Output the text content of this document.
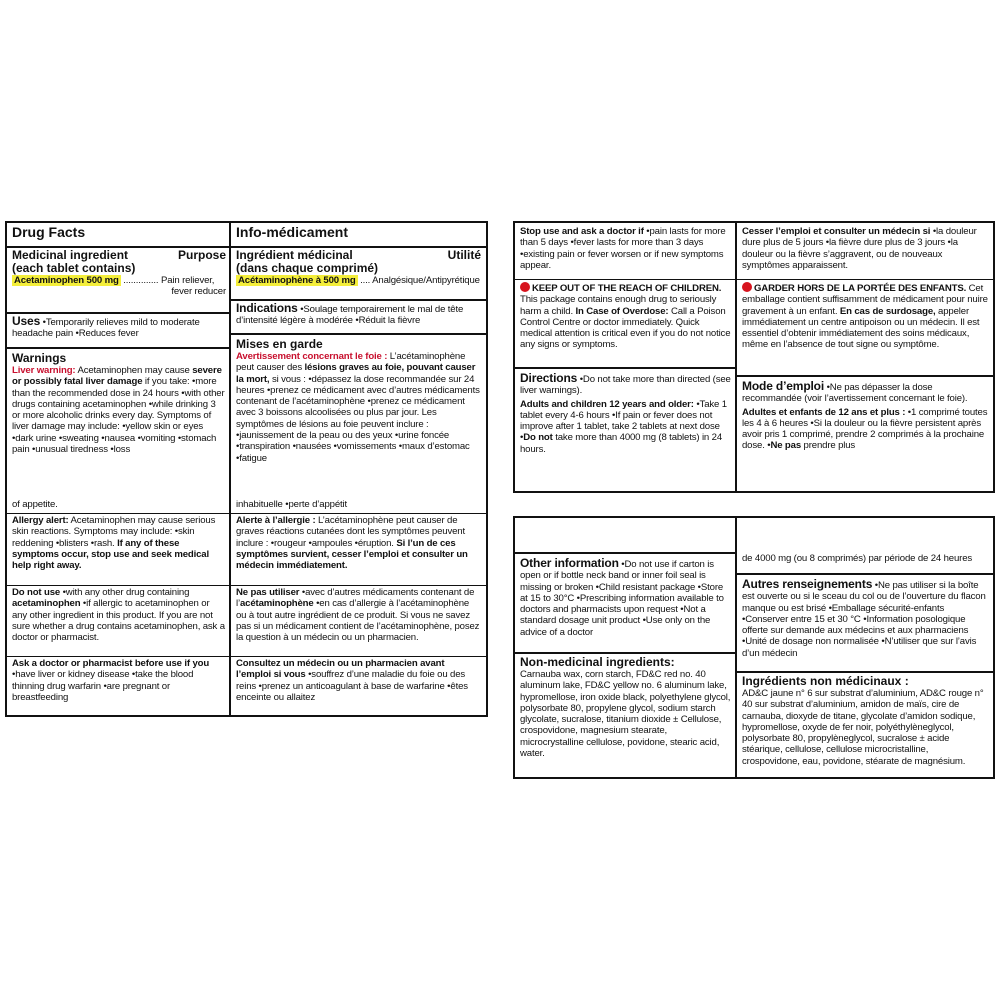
Drug Facts
Medicinal ingredient	Purpose
(each tablet contains)
Acetaminophen 500 mg .............. Pain reliever,
fever reducer

Uses •Temporarily relieves mild to moderate headache pain •Reduces fever

Warnings

Liver warning: Acetaminophen may cause severe or possibly fatal liver damage if you take: •more than the recommended dose in 24 hours •with other drugs containing acetaminophen •while drinking 3 or more alcoholic drinks every day. Symptoms of liver damage may include: •yellow skin or eyes •dark urine •sweating •nausea •vomiting •stomach pain •unusual tiredness •loss

of appetite.

Allergy alert: Acetaminophen may cause serious skin reactions. Symptoms may include: •skin reddening •blisters •rash. If any of these symptoms occur, stop use and seek medical help right away.

Do not use •with any other drug containing acetaminophen •if allergic to acetaminophen or any other ingredient in this product. If you are not sure whether a drug contains acetaminophen, ask a doctor or pharmacist.

Ask a doctor or pharmacist before use if you •have liver or kidney disease •take the blood thinning drug warfarin •are pregnant or breastfeeding

Info-médicament
Ingrédient médicinal	Utilité
(dans chaque comprimé)
Acétaminophène à 500 mg .... Analgésique/Antipyrétique

Indications •Soulage temporairement le mal de tête d’intensité légère à modérée •Réduit la fièvre

Mises en garde

Avertissement concernant le foie : L’acétaminophène peut causer des lésions graves au foie, pouvant causer la mort, si vous : •dépassez la dose recommandée sur 24 heures •prenez ce médicament avec d’autres médicaments contenant de l’acétaminophène •prenez ce médicament avec 3 boissons alcoolisées ou plus par jour. Les symptômes de lésions au foie peuvent inclure : •jaunissement de la peau ou des yeux •urine foncée •transpiration •nausées •vomissements •maux d’estomac •fatigue

inhabituelle •perte d’appétit

Alerte à l’allergie : L’acétaminophène peut causer de graves réactions cutanées dont les symptômes peuvent inclure : •rougeur •ampoules •éruption. Si l’un de ces symptômes survient, cesser l’emploi et consulter un médecin immédiatement.

Ne pas utiliser •avec d’autres médicaments contenant de l’acétaminophène •en cas d’allergie à l’acétaminophène ou à tout autre ingrédient de ce produit. Si vous ne savez pas si un médicament contient de l’acétaminophène, posez la question à un médecin ou un pharmacien.

Consultez un médecin ou un pharmacien avant l’emploi si vous •souffrez d’une maladie du foie ou des reins •prenez un anticoagulant à base de warfarine •êtes enceinte ou allaitez

Stop use and ask a doctor if •pain lasts for more than 5 days •fever lasts for more than 3 days •existing pain or fever worsen or if new symptoms appear.

KEEP OUT OF THE REACH OF CHILDREN. This package contains enough drug to seriously harm a child. In Case of Overdose: Call a Poison Control Centre or doctor immediately. Quick medical attention is critical even if you do not notice any signs or symptoms.

Directions •Do not take more than directed (see liver warnings).

Adults and children 12 years and older: •Take 1 tablet every 4-6 hours •If pain or fever does not improve after 1 tablet, take 2 tablets at next dose •Do not take more than 4000 mg (8 tablets) in 24 hours.

Cesser l’emploi et consulter un médecin si •la douleur dure plus de 5 jours •la fièvre dure plus de 3 jours •la douleur ou la fièvre s’aggravent, ou de nouveaux symptômes apparaissent.

GARDER HORS DE LA PORTÉE DES ENFANTS. Cet emballage contient suffisamment de médicament pour nuire gravement à un enfant. En cas de surdosage, appeler immédiatement un centre antipoison ou un médecin. Il est essentiel d’obtenir immédiatement des soins médicaux, même en l’absence de tout signe ou symptôme.

Mode d’emploi •Ne pas dépasser la dose recommandée (voir l’avertissement concernant le foie).

Adultes et enfants de 12 ans et plus : •1 comprimé toutes les 4 à 6 heures •Si la douleur ou la fièvre persistent après avoir pris 1 comprimé, prendre 2 comprimés à la prochaine dose. •Ne pas prendre plus

Other information •Do not use if carton is open or if bottle neck band or inner foil seal is missing or broken •Child resistant package •Store at 15 to 30°C •Prescribing information available to doctors and pharmacists upon request •Not a standard dosage unit product •Use only on the advice of a doctor

Non-medicinal ingredients:

Carnauba wax, corn starch, FD&C red no. 40 aluminum lake, FD&C yellow no. 6 aluminum lake, hypromellose, iron oxide black, polyethylene glycol, polysorbate 80, propylene glycol, sodium starch glycolate, sucralose, titanium dioxide ± Cellulose, crospovidone, magnesium stearate, microcrystalline cellulose, povidone, stearic acid, water.

de 4000 mg (ou 8 comprimés) par période de 24 heures

Autres renseignements •Ne pas utiliser si la boîte est ouverte ou si le sceau du col ou de l’ouverture du flacon manque ou est brisé •Emballage sécurité-enfants •Conserver entre 15 et 30 °C •Information posologique offerte sur demande aux médecins et aux pharmaciens •Unité de dosage non normalisée •N’utiliser que sur l’avis d’un médecin

Ingrédients non médicinaux :

AD&C jaune n° 6 sur substrat d’aluminium, AD&C rouge n° 40 sur substrat d’aluminium, amidon de maïs, cire de carnauba, dioxyde de titane, glycolate d’amidon sodique, hypromellose, oxyde de fer noir, polyéthylèneglycol, polysorbate 80, propylèneglycol, sucralose ± acide stéarique, cellulose, cellulose microcristalline, crospovidone, eau, povidone, stéarate de magnésium.
